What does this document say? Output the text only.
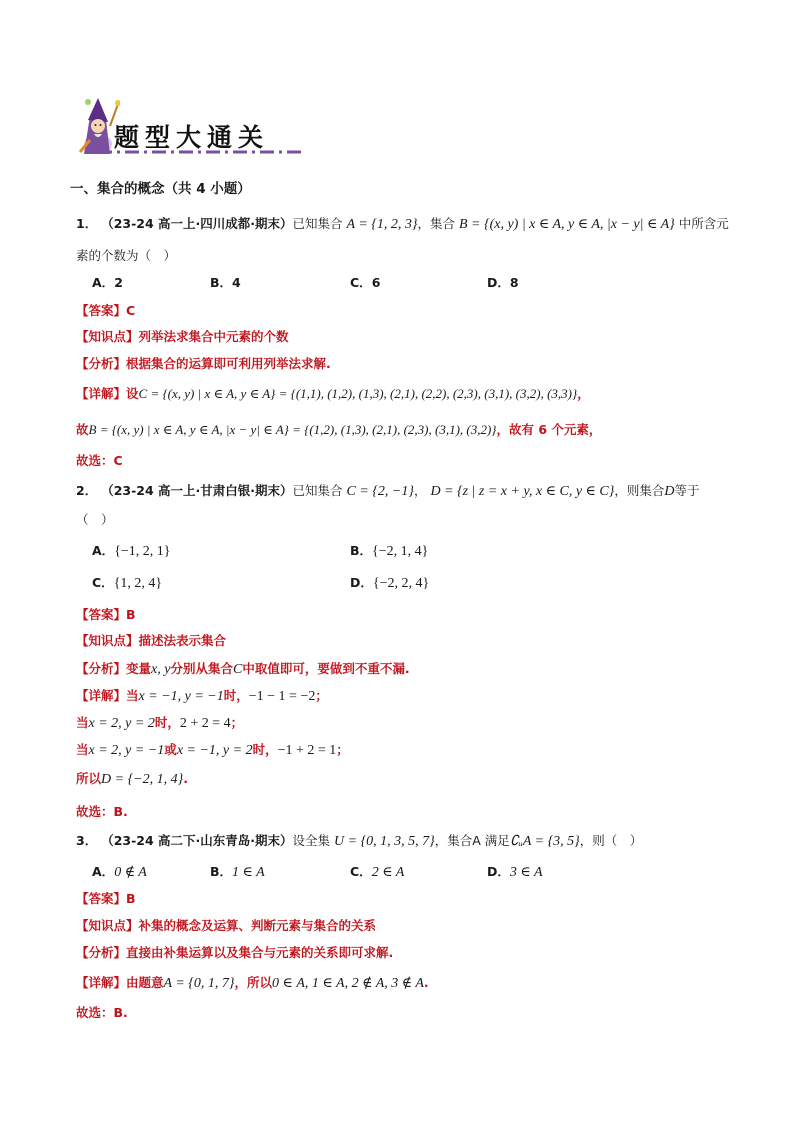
题型大通关
一、集合的概念（共 4 小题）
1． （23-24 高一上·四川成都·期末）已知集合 A = {1, 2, 3}，集合 B = {(x, y) | x ∈ A, y ∈ A, |x − y| ∈ A} 中所含元
素的个数为（　）
A．2	B．4	C．6	D．8
【答案】C
【知识点】列举法求集合中元素的个数
【分析】根据集合的运算即可利用列举法求解.
【详解】设C = {(x, y) | x ∈ A, y ∈ A} = {(1,1), (1,2), (1,3), (2,1), (2,2), (2,3), (3,1), (3,2), (3,3)}，
故B = {(x, y) | x ∈ A, y ∈ A, |x − y| ∈ A} = {(1,2), (1,3), (2,1), (2,3), (3,1), (3,2)}，故有 6 个元素，
故选：C
2． （23-24 高一上·甘肃白银·期末）已知集合 C = {2, −1}， D = {z | z = x + y, x ∈ C, y ∈ C}，则集合D等于
（　）
A．{−1, 2, 1}	B．{−2, 1, 4}
C．{1, 2, 4}	D．{−2, 2, 4}
【答案】B
【知识点】描述法表示集合
【分析】变量x, y分别从集合C中取值即可，要做到不重不漏.
【详解】当x = −1, y = −1时，−1 − 1 = −2；
当x = 2, y = 2时，2 + 2 = 4；
当x = 2, y = −1或x = −1, y = 2时，−1 + 2 = 1；
所以D = {−2, 1, 4}.
故选：B.
3． （23-24 高二下·山东青岛·期末）设全集 U = {0, 1, 3, 5, 7}，集合A 满足∁ᵤA = {3, 5}，则（　）
A．0 ∉ A	B．1 ∈ A	C．2 ∈ A	D．3 ∈ A
【答案】B
【知识点】补集的概念及运算、判断元素与集合的关系
【分析】直接由补集运算以及集合与元素的关系即可求解.
【详解】由题意A = {0, 1, 7}，所以0 ∈ A, 1 ∈ A, 2 ∉ A, 3 ∉ A.
故选：B.
